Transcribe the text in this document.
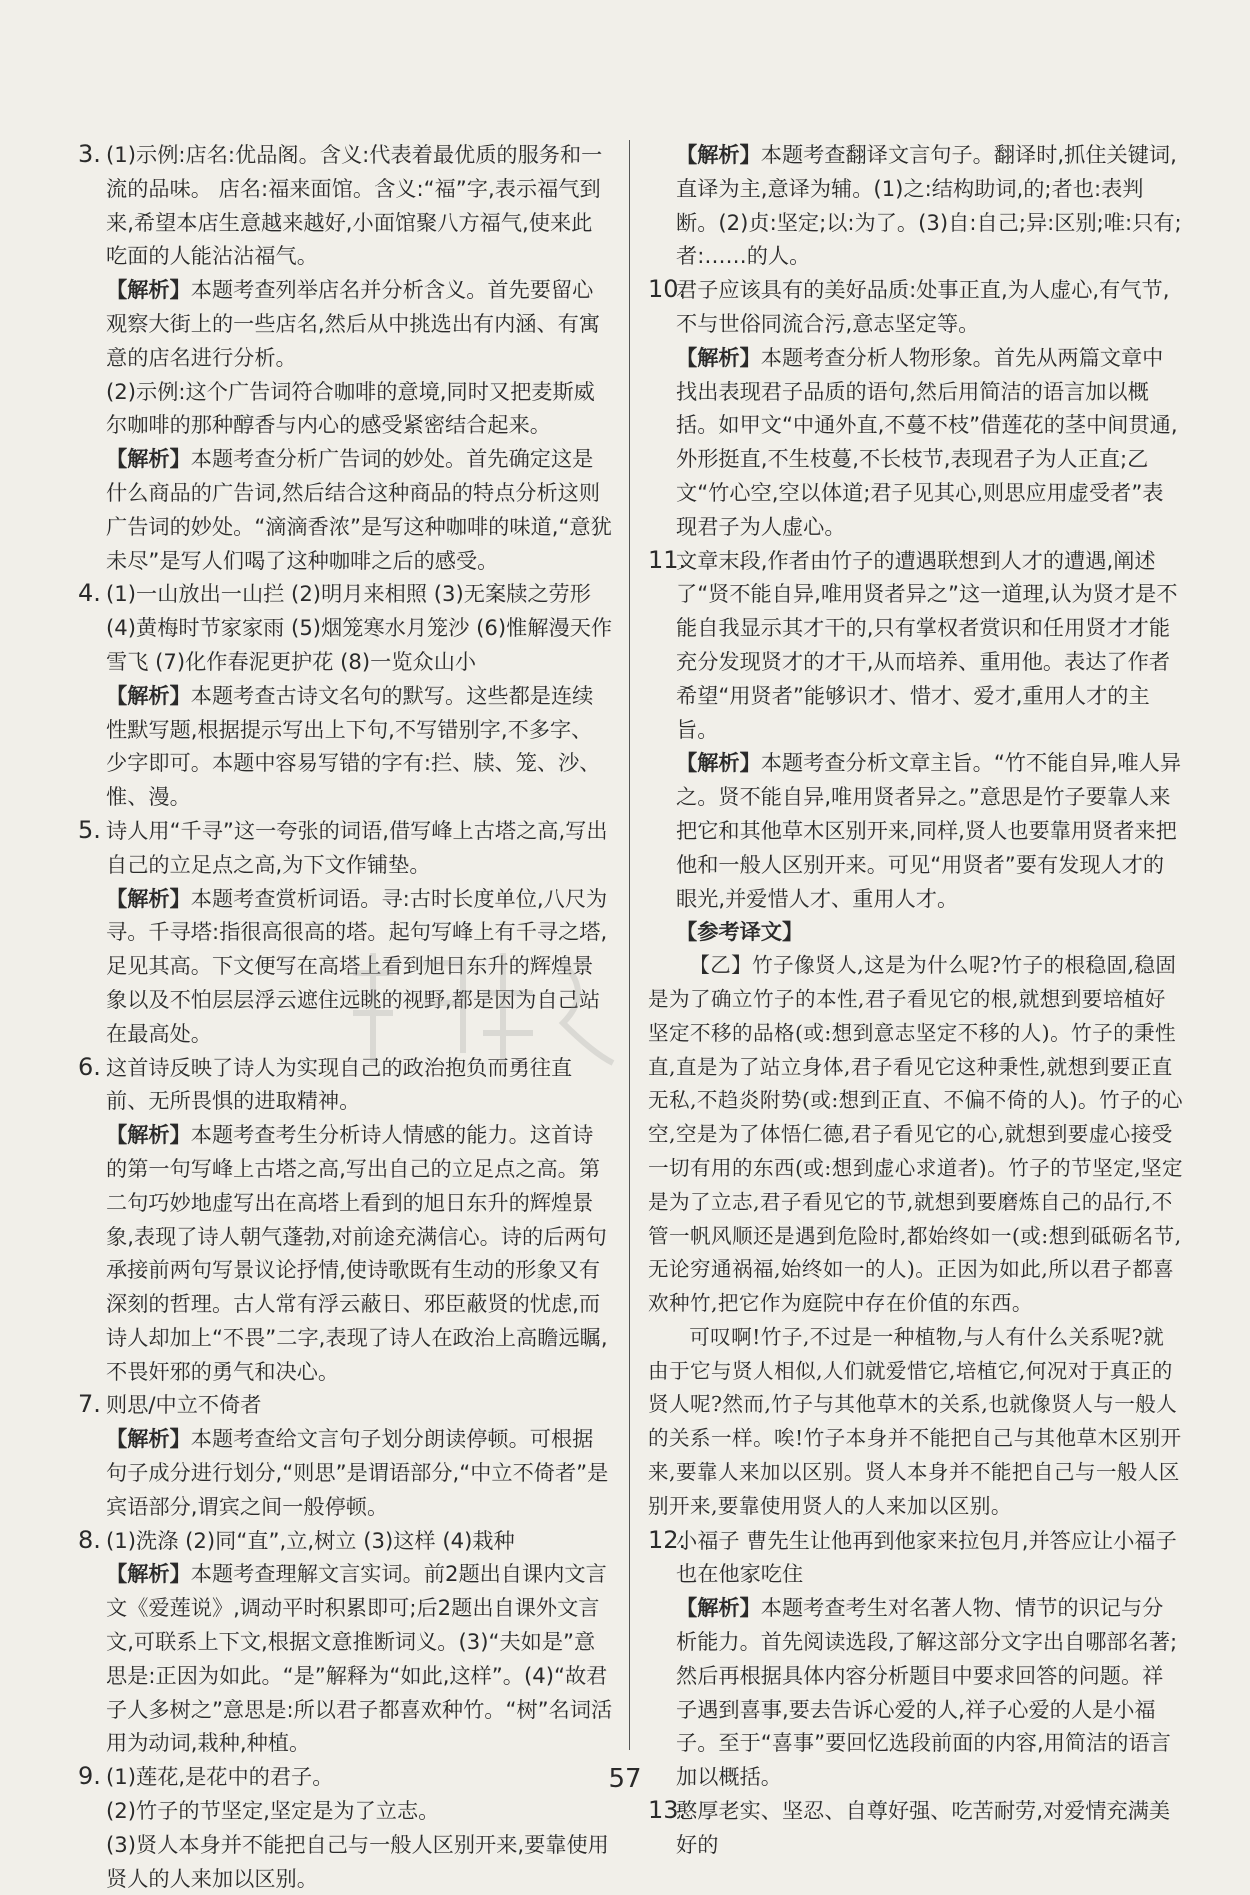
3. (1)示例:店名:优品阁。含义:代表着最优质的服务和一流的品味。 店名:福来面馆。含义:“福”字,表示福气到来,希望本店生意越来越好,小面馆聚八方福气,使来此吃面的人能沾沾福气。
【解析】本题考查列举店名并分析含义。首先要留心观察大街上的一些店名,然后从中挑选出有内涵、有寓意的店名进行分析。
(2)示例:这个广告词符合咖啡的意境,同时又把麦斯威尔咖啡的那种醇香与内心的感受紧密结合起来。
【解析】本题考查分析广告词的妙处。首先确定这是什么商品的广告词,然后结合这种商品的特点分析这则广告词的妙处。“滴滴香浓”是写这种咖啡的味道,“意犹未尽”是写人们喝了这种咖啡之后的感受。
4. (1)一山放出一山拦 (2)明月来相照 (3)无案牍之劳形 (4)黄梅时节家家雨 (5)烟笼寒水月笼沙 (6)惟解漫天作雪飞 (7)化作春泥更护花 (8)一览众山小
【解析】本题考查古诗文名句的默写。这些都是连续性默写题,根据提示写出上下句,不写错别字,不多字、少字即可。本题中容易写错的字有:拦、牍、笼、沙、惟、漫。
5. 诗人用“千寻”这一夸张的词语,借写峰上古塔之高,写出自己的立足点之高,为下文作铺垫。
【解析】本题考查赏析词语。寻:古时长度单位,八尺为寻。千寻塔:指很高很高的塔。起句写峰上有千寻之塔,足见其高。下文便写在高塔上看到旭日东升的辉煌景象以及不怕层层浮云遮住远眺的视野,都是因为自己站在最高处。
6. 这首诗反映了诗人为实现自己的政治抱负而勇往直前、无所畏惧的进取精神。
【解析】本题考查考生分析诗人情感的能力。这首诗的第一句写峰上古塔之高,写出自己的立足点之高。第二句巧妙地虚写出在高塔上看到的旭日东升的辉煌景象,表现了诗人朝气蓬勃,对前途充满信心。诗的后两句承接前两句写景议论抒情,使诗歌既有生动的形象又有深刻的哲理。古人常有浮云蔽日、邪臣蔽贤的忧虑,而诗人却加上“不畏”二字,表现了诗人在政治上高瞻远瞩,不畏奸邪的勇气和决心。
7. 则思/中立不倚者
【解析】本题考查给文言句子划分朗读停顿。可根据句子成分进行划分,“则思”是谓语部分,“中立不倚者”是宾语部分,谓宾之间一般停顿。
8. (1)洗涤 (2)同“直”,立,树立 (3)这样 (4)栽种
【解析】本题考查理解文言实词。前2题出自课内文言文《爱莲说》,调动平时积累即可;后2题出自课外文言文,可联系上下文,根据文意推断词义。(3)“夫如是”意思是:正因为如此。“是”解释为“如此,这样”。(4)“故君子人多树之”意思是:所以君子都喜欢种竹。“树”名词活用为动词,栽种,种植。
9. (1)莲花,是花中的君子。
(2)竹子的节坚定,坚定是为了立志。
(3)贤人本身并不能把自己与一般人区别开来,要靠使用贤人的人来加以区别。
【解析】本题考查翻译文言句子。翻译时,抓住关键词,直译为主,意译为辅。(1)之:结构助词,的;者也:表判断。(2)贞:坚定;以:为了。(3)自:自己;异:区别;唯:只有;者:……的人。
10.
君子应该具有的美好品质:处事正直,为人虚心,有气节,不与世俗同流合污,意志坚定等。
【解析】本题考查分析人物形象。首先从两篇文章中找出表现君子品质的语句,然后用简洁的语言加以概括。如甲文“中通外直,不蔓不枝”借莲花的茎中间贯通,外形挺直,不生枝蔓,不长枝节,表现君子为人正直;乙文“竹心空,空以体道;君子见其心,则思应用虚受者”表现君子为人虚心。
11.
文章末段,作者由竹子的遭遇联想到人才的遭遇,阐述了“贤不能自异,唯用贤者异之”这一道理,认为贤才是不能自我显示其才干的,只有掌权者赏识和任用贤才才能充分发现贤才的才干,从而培养、重用他。表达了作者希望“用贤者”能够识才、惜才、爱才,重用人才的主旨。
【解析】本题考查分析文章主旨。“竹不能自异,唯人异之。贤不能自异,唯用贤者异之。”意思是竹子要靠人来把它和其他草木区别开来,同样,贤人也要靠用贤者来把他和一般人区别开来。可见“用贤者”要有发现人才的眼光,并爱惜人才、重用人才。
【参考译文】

【乙】竹子像贤人,这是为什么呢?竹子的根稳固,稳固是为了确立竹子的本性,君子看见它的根,就想到要培植好坚定不移的品格(或:想到意志坚定不移的人)。竹子的秉性直,直是为了站立身体,君子看见它这种秉性,就想到要正直无私,不趋炎附势(或:想到正直、不偏不倚的人)。竹子的心空,空是为了体悟仁德,君子看见它的心,就想到要虚心接受一切有用的东西(或:想到虚心求道者)。竹子的节坚定,坚定是为了立志,君子看见它的节,就想到要磨炼自己的品行,不管一帆风顺还是遇到危险时,都始终如一(或:想到砥砺名节,无论穷通祸福,始终如一的人)。正因为如此,所以君子都喜欢种竹,把它作为庭院中存在价值的东西。

可叹啊!竹子,不过是一种植物,与人有什么关系呢?就由于它与贤人相似,人们就爱惜它,培植它,何况对于真正的贤人呢?然而,竹子与其他草木的关系,也就像贤人与一般人的关系一样。唉!竹子本身并不能把自己与其他草木区别开来,要靠人来加以区别。贤人本身并不能把自己与一般人区别开来,要靠使用贤人的人来加以区别。

12.
小福子 曹先生让他再到他家来拉包月,并答应让小福子也在他家吃住
【解析】本题考查考生对名著人物、情节的识记与分析能力。首先阅读选段,了解这部分文字出自哪部名著;然后再根据具体内容分析题目中要求回答的问题。祥子遇到喜事,要去告诉心爱的人,祥子心爱的人是小福子。至于“喜事”要回忆选段前面的内容,用简洁的语言加以概括。
13.
憨厚老实、坚忍、自尊好强、吃苦耐劳,对爱情充满美好的
57
